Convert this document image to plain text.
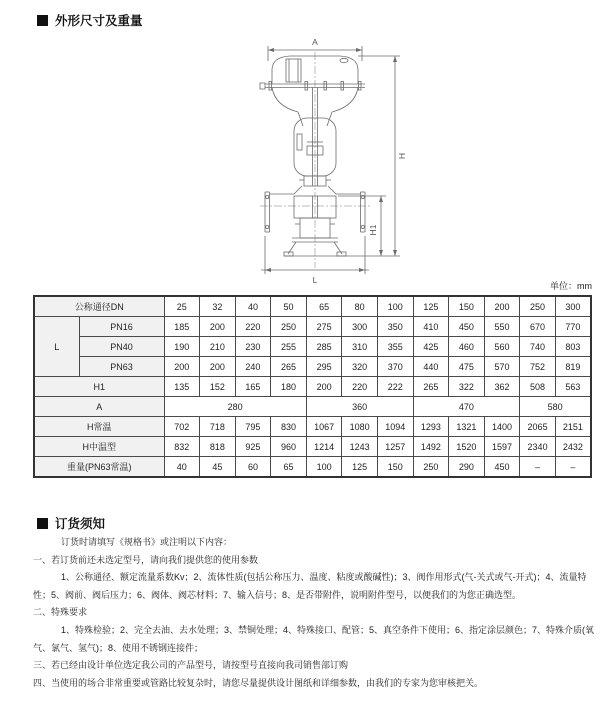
外形尺寸及重量
A
H
H1
L
单位：mm
公称通径DN		25	32	40	50	65	80	100	125	150	200	250	300
L	PN16	185	200	220	250	275	300	350	410	450	550	670	770
	PN40	190	210	230	255	285	310	355	425	460	560	740	803
	PN63	200	200	240	265	295	320	370	440	475	570	752	819
H1		135	152	165	180	200	220	222	265	322	362	508	563
A		280				360			470			580	
H常温		702	718	795	830	1067	1080	1094	1293	1321	1400	2065	2151
H中温型		832	818	925	960	1214	1243	1257	1492	1520	1597	2340	2432
重量(PN63常温)		40	45	60	65	100	125	150	250	290	450	–	–
订货须知
订货时请填写《规格书》或注明以下内容：
一、若订货前还未选定型号，请向我们提供您的使用参数
1、公称通径、额定流量系数Kv；2、流体性质(包括公称压力、温度、粘度或酸碱性)；3、阀作用形式(气-关式或气-开式)；4、流量特
性；5、阀前、阀后压力；6、阀体、阀芯材料；7、输入信号；8、是否带附件，说明附件型号，以便我们的为您正确选型。
二、特殊要求
1、特殊检验；2、完全去油、去水处理；3、禁铜处理；4、特殊接口、配管；5、真空条件下使用；6、指定涂层颜色；7、特殊介质(氧
气、氯气、氢气)；8、使用不锈钢连接件；
三、若已经由设计单位选定我公司的产品型号，请按型号直接向我司销售部订购
四、当使用的场合非常重要或管路比较复杂时，请您尽量提供设计图纸和详细参数，由我们的专家为您审核把关。
